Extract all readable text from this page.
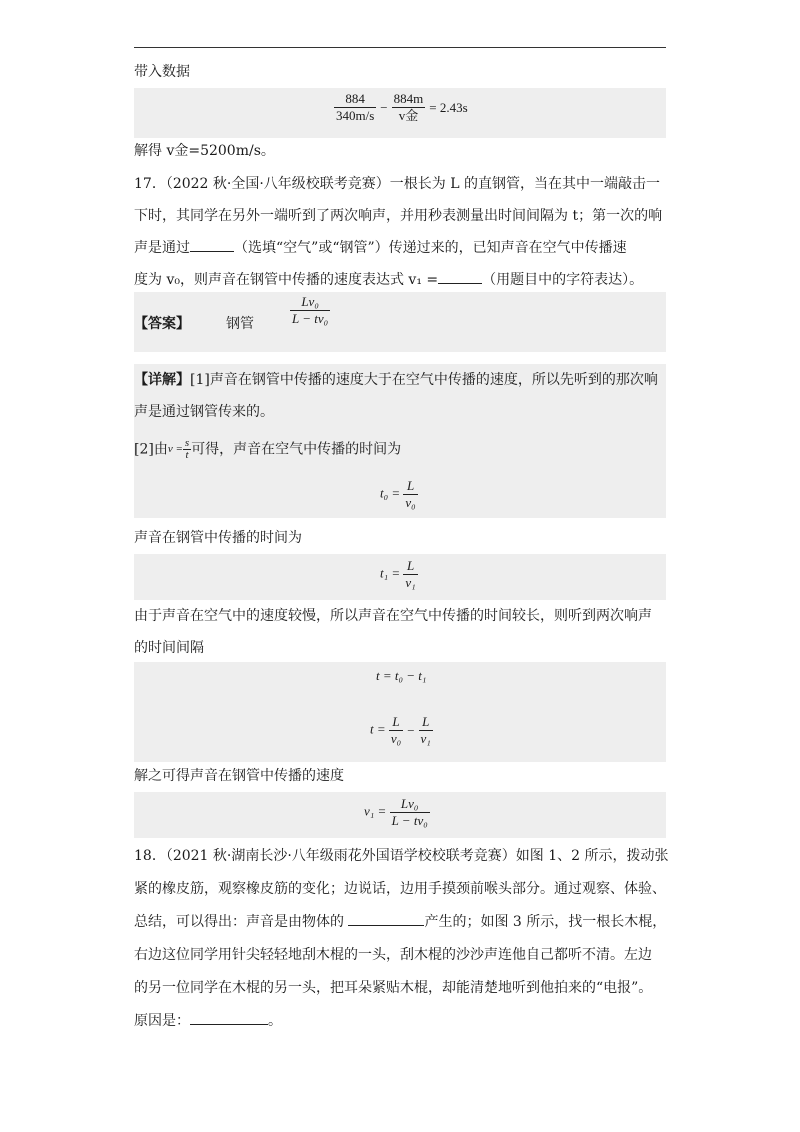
带入数据
$\frac{884}{340m/s} - \frac{884m}{\text{v金}} = 2.43s$
解得 v金=5200m/s。
17．（2022 秋·全国·八年级校联考竞赛）一根长为 L 的直钢管，当在其中一端敲击一
下时，其同学在另外一端听到了两次响声，并用秒表测量出时间间隔为 t；第一次的响
声是通过	（选填“空气”或“钢管”）传递过来的，已知声音在空气中传播速
度为 v₀，则声音在钢管中传播的速度表达式 v₁ =	（用题目中的字符表达）。
【答案】	钢管	$\frac{\text{Lv₀}}{\text{L − tv₀}}$
【详解】[1]声音在钢管中传播的速度大于在空气中传播的速度，所以先听到的那次响
声是通过钢管传来的。
[2]由$v = \frac{s}{t}$ 可得，声音在空气中传播的时间为
$t_0 = \frac{L}{\text{v₀}}$
声音在钢管中传播的时间为
$t_1 = \frac{L}{\text{v₁}}$
由于声音在空气中的速度较慢，所以声音在空气中传播的时间较长，则听到两次响声
的时间间隔
t = t₀ − t₁
$t = \frac{L}{\text{v₀}} - \frac{L}{\text{v₁}}$
解之可得声音在钢管中传播的速度
$v_1 = \frac{\text{Lv₀}}{\text{L − tv₀}}$
18．（2021 秋·湖南长沙·八年级雨花外国语学校校联考竞赛）如图 1、2 所示，拨动张
紧的橡皮筋，观察橡皮筋的变化；边说话，边用手摸颈前喉头部分。通过观察、体验、
总结，可以得出：声音是由物体的	产生的；如图 3 所示，找一根长木棍，
右边这位同学用针尖轻轻地刮木棍的一头，刮木棍的沙沙声连他自己都听不清。左边
的另一位同学在木棍的另一头，把耳朵紧贴木棍，却能清楚地听到他拍来的“电报”。
原因是：	。
